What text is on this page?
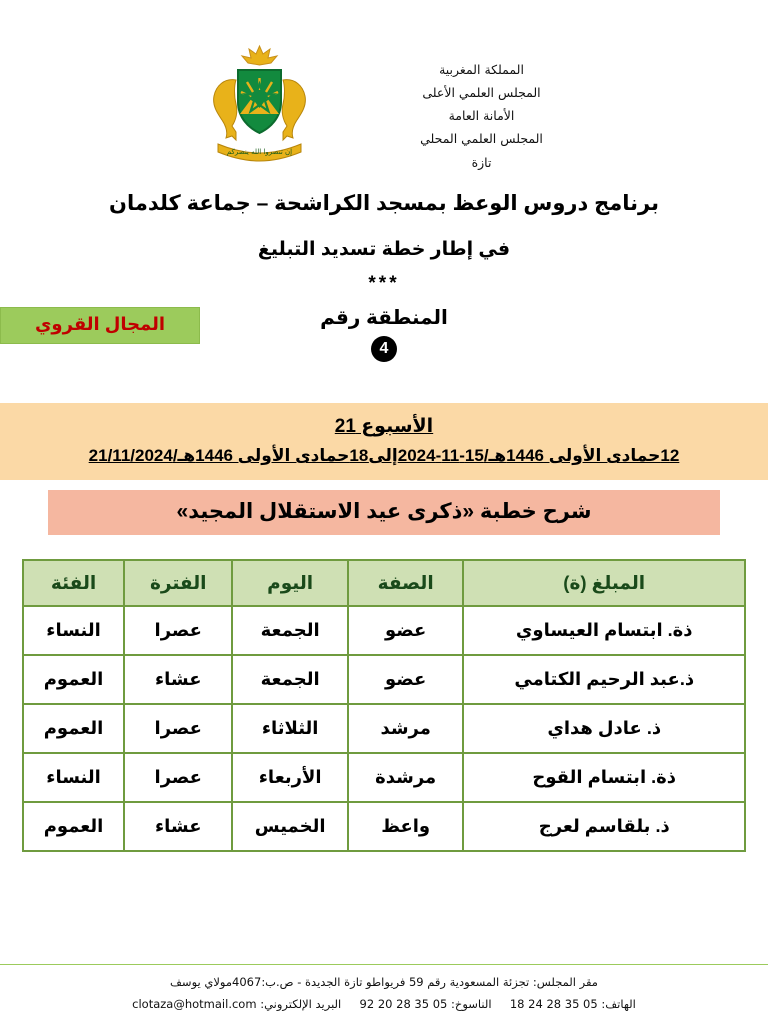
إن تنصروا الله ينصركم
المملكة المغربية
المجلس العلمي الأعلى
الأمانة العامة
المجلس العلمي المحلي
تازة
برنامج دروس الوعظ بمسجد الكراشحة – جماعة كلدمان
في إطار خطة تسديد التبليغ
***
المجال القروي	المنطقة رقم
4
الأسبوع 21
12حمادى الأولى 1446هـ/15-11-2024إلى18حمادى الأولى 1446هـ/21/11/2024
شرح خطبة «ذكرى عيد الاستقلال المجيد»
المبلغ (ة)	الصفة	اليوم	الفترة	الفئة
ذة. ابتسام العيساوي	عضو	الجمعة	عصرا	النساء
ذ.عبد الرحيم الكتامي	عضو	الجمعة	عشاء	العموم
ذ. عادل هداي	مرشد	الثلاثاء	عصرا	العموم
ذة. ابتسام القوح	مرشدة	الأربعاء	عصرا	النساء
ذ. بلقاسم لعرج	واعظ	الخميس	عشاء	العموم
مقر المجلس: تجزئة المسعودية رقم 59 فريواطو تازة الجديدة - ص.ب:4067مولاي يوسف
الهاتف: 05 35 28 24 18     الناسوخ: 05 35 28 20 92     البريد الإلكتروني: clotaza@hotmail.com
